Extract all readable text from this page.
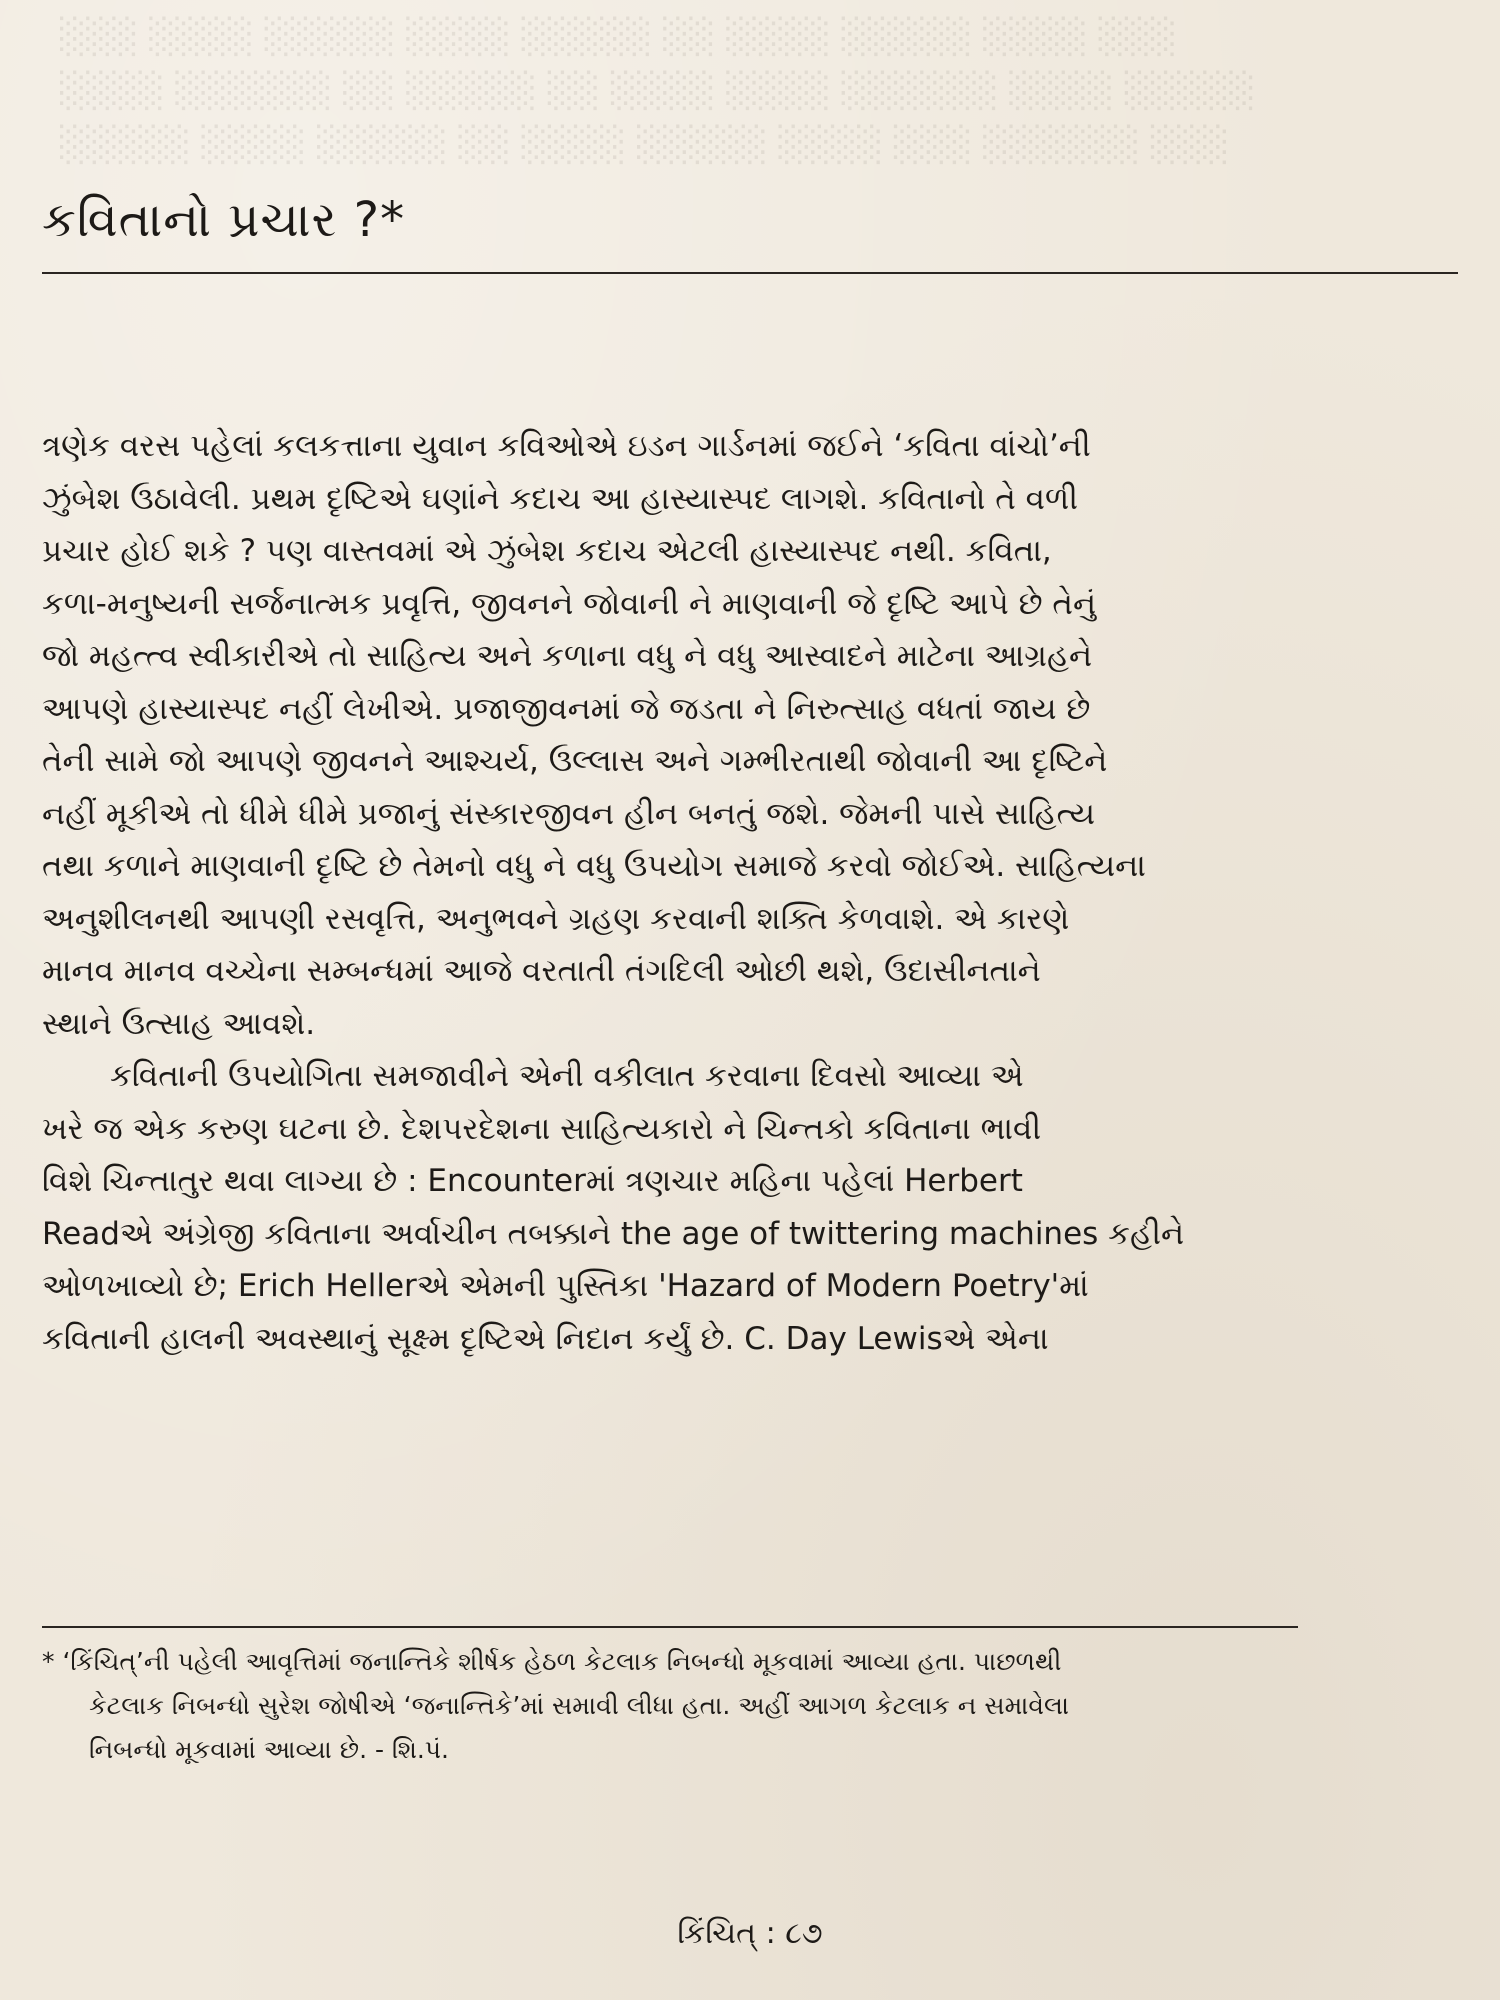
░░░ ░░░░ ░░░░░ ░░░░ ░░░░░ ░░ ░░░░ ░░░░░ ░░░░ ░░░
░░░░ ░░░░░░ ░░ ░░░░░ ░░ ░░░░ ░░░░ ░░░░░░ ░░░░ ░░░░░
░░░░░ ░░░░ ░░░░░ ░░ ░░░░ ░░░░░ ░░░░ ░░░ ░░░░░░ ░░░
કવિતાનો પ્રચાર ?*
ત્રણેક વરસ પહેલાં કલકત્તાના યુવાન કવિઓએ ઇડન ગાર્ડનમાં જઈને ‘કવિતા વાંચો’ની
ઝુંબેશ ઉઠાવેલી. પ્રથમ દૃષ્ટિએ ઘણાંને કદાચ આ હાસ્યાસ્પદ લાગશે. કવિતાનો તે વળી
પ્રચાર હોઈ શકે ? પણ વાસ્તવમાં એ ઝુંબેશ કદાચ એટલી હાસ્યાસ્પદ નથી. કવિતા,
કળા-મનુષ્યની સર્જનાત્મક પ્રવૃત્તિ, જીવનને જોવાની ને માણવાની જે દૃષ્ટિ આપે છે તેનું
જો મહત્ત્વ સ્વીકારીએ તો સાહિત્ય અને કળાના વધુ ને વધુ આસ્વાદને માટેના આગ્રહને
આપણે હાસ્યાસ્પદ નહીં લેખીએ. પ્રજાજીવનમાં જે જડતા ને નિરુત્સાહ વધતાં જાય છે
તેની સામે જો આપણે જીવનને આશ્ચર્ય, ઉલ્લાસ અને ગમ્ભીરતાથી જોવાની આ દૃષ્ટિને
નહીં મૂકીએ તો ધીમે ધીમે પ્રજાનું સંસ્કારજીવન હીન બનતું જશે. જેમની પાસે સાહિત્ય
તથા કળાને માણવાની દૃષ્ટિ છે તેમનો વધુ ને વધુ ઉપયોગ સમાજે કરવો જોઈએ. સાહિત્યના
અનુશીલનથી આપણી રસવૃત્તિ, અનુભવને ગ્રહણ કરવાની શક્તિ કેળવાશે. એ કારણે
માનવ માનવ વચ્ચેના સમ્બન્ધમાં આજે વરતાતી તંગદિલી ઓછી થશે, ઉદાસીનતાને
સ્થાને ઉત્સાહ આવશે.
કવિતાની ઉપયોગિતા સમજાવીને એની વકીલાત કરવાના દિવસો આવ્યા એ
ખરે જ એક કરુણ ઘટના છે. દેશપરદેશના સાહિત્યકારો ને ચિન્તકો કવિતાના ભાવી
વિશે ચિન્તાતુર થવા લાગ્યા છે : Encounterમાં ત્રણચાર મહિના પહેલાં Herbert
Readએ અંગ્રેજી કવિતાના અર્વાચીન તબક્કાને the age of twittering machines કહીને
ઓળખાવ્યો છે; Erich Hellerએ એમની પુસ્તિકા 'Hazard of Modern Poetry'માં
કવિતાની હાલની અવસ્થાનું સૂક્ષ્મ દૃષ્ટિએ નિદાન કર્યું છે. C. Day Lewisએ એના
* ‘કિંચિત્’ની પહેલી આવૃત્તિમાં જનાન્તિકે શીર્ષક હેઠળ કેટલાક નિબન્ધો મૂકવામાં આવ્યા હતા. પાછળથી
કેટલાક નિબન્ધો સુરેશ જોષીએ ‘જનાન્તિકે’માં સમાવી લીધા હતા. અહીં આગળ કેટલાક ન સમાવેલા
નિબન્ધો મૂકવામાં આવ્યા છે. - શિ.પં.
કિંચિત્ : ૮૭
